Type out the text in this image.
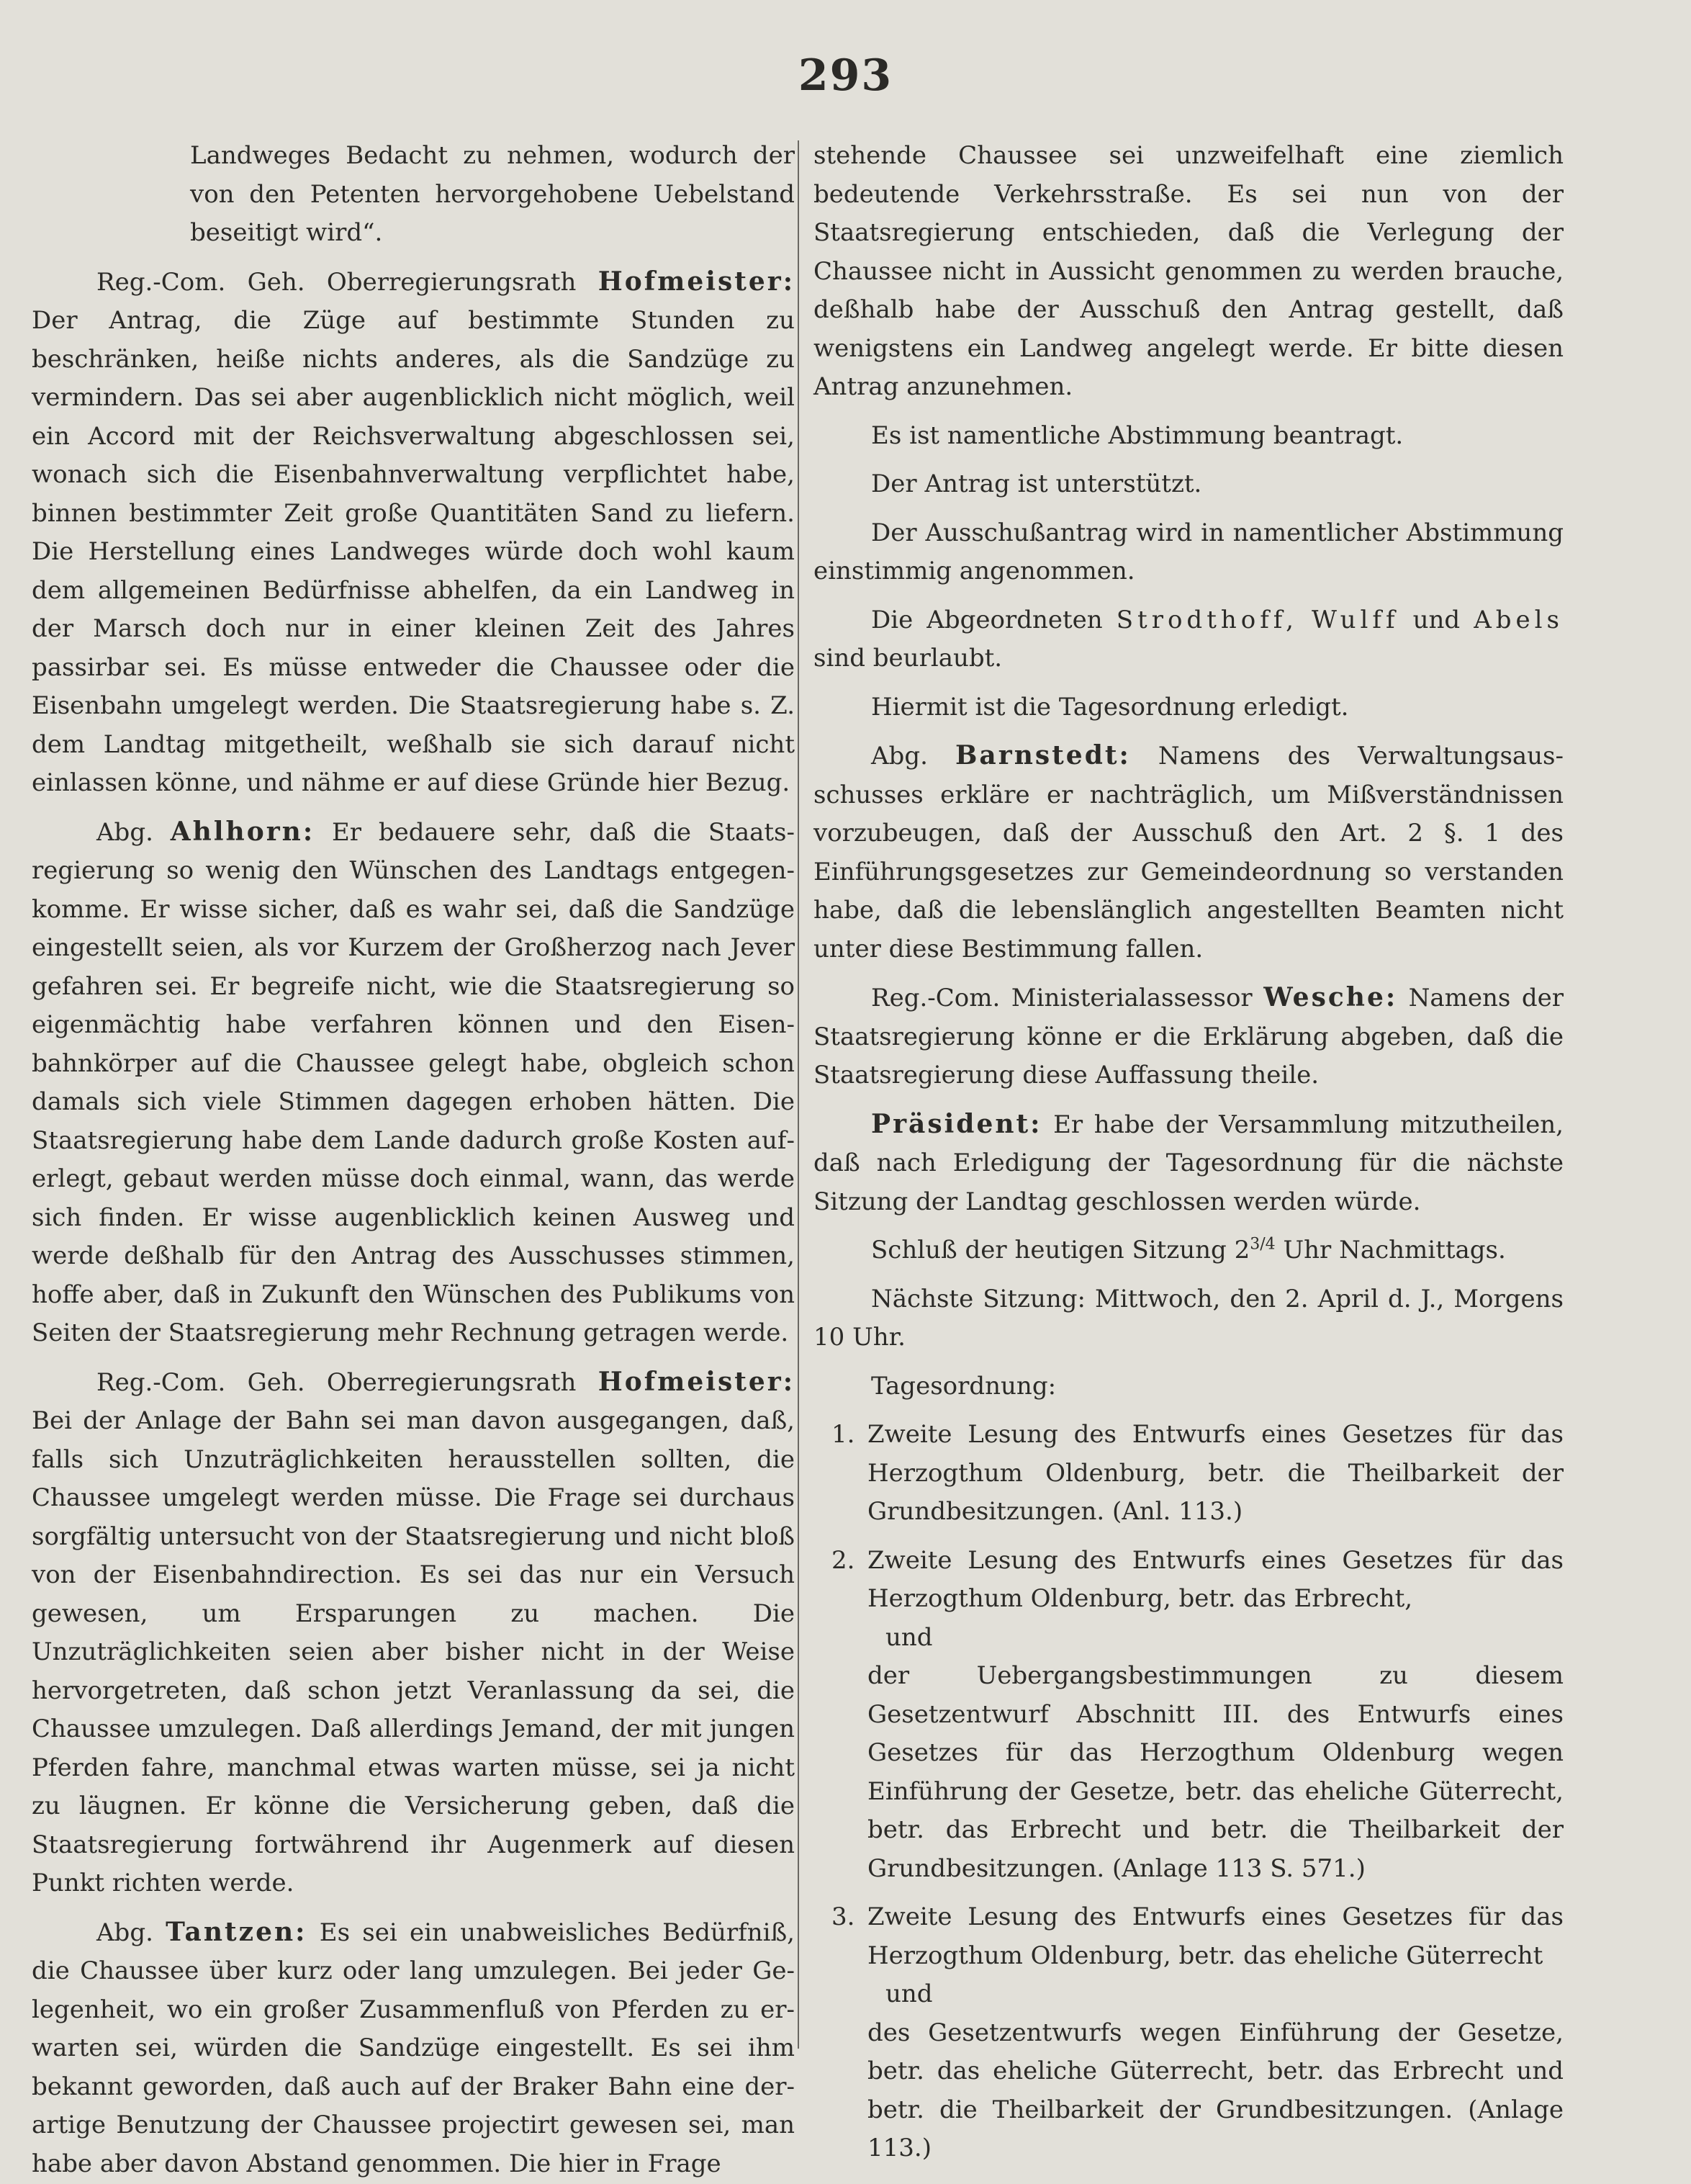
293

Landweges Bedacht zu nehmen, wodurch der von den Petenten hervorgehobene Uebelstand beseitigt wird“.

Reg.-Com. Geh. Oberregierungsrath Hofmeister: Der Antrag, die Züge auf bestimmte Stunden zu beschränken, heiße nichts anderes, als die Sandzüge zu vermindern. Das sei aber augenblicklich nicht möglich, weil ein Accord mit der Reichsverwaltung abgeschlossen sei, wonach sich die Eisenbahnverwaltung verpflichtet habe, binnen bestimmter Zeit große Quantitäten Sand zu liefern. Die Herstellung eines Landweges würde doch wohl kaum dem allgemeinen Bedürfnisse abhelfen, da ein Landweg in der Marsch doch nur in einer kleinen Zeit des Jahres passirbar sei. Es müsse entweder die Chaussee oder die Eisenbahn umgelegt werden. Die Staatsregierung habe s. Z. dem Landtag mitgetheilt, weßhalb sie sich darauf nicht einlassen könne, und nähme er auf diese Gründe hier Bezug.

Abg. Ahlhorn: Er bedauere sehr, daß die Staatsregierung so wenig den Wünschen des Landtags entgegenkomme. Er wisse sicher, daß es wahr sei, daß die Sandzüge eingestellt seien, als vor Kurzem der Großherzog nach Jever gefahren sei. Er begreife nicht, wie die Staatsregierung so eigenmächtig habe verfahren können und den Eisenbahnkörper auf die Chaussee gelegt habe, obgleich schon damals sich viele Stimmen dagegen erhoben hätten. Die Staatsregierung habe dem Lande dadurch große Kosten auferlegt, gebaut werden müsse doch einmal, wann, das werde sich finden. Er wisse augenblicklich keinen Ausweg und werde deßhalb für den Antrag des Ausschusses stimmen, hoffe aber, daß in Zukunft den Wünschen des Publikums von Seiten der Staatsregierung mehr Rechnung getragen werde.

Reg.-Com. Geh. Oberregierungsrath Hofmeister: Bei der Anlage der Bahn sei man davon ausgegangen, daß, falls sich Unzuträglichkeiten herausstellen sollten, die Chaussee umgelegt werden müsse. Die Frage sei durchaus sorgfältig untersucht von der Staatsregierung und nicht bloß von der Eisenbahndirection. Es sei das nur ein Versuch gewesen, um Ersparungen zu machen. Die Unzuträglichkeiten seien aber bisher nicht in der Weise hervorgetreten, daß schon jetzt Veranlassung da sei, die Chaussee umzulegen. Daß allerdings Jemand, der mit jungen Pferden fahre, manchmal etwas warten müsse, sei ja nicht zu läugnen. Er könne die Versicherung geben, daß die Staatsregierung fortwährend ihr Augenmerk auf diesen Punkt richten werde.

Abg. Tantzen: Es sei ein unabweisliches Bedürfniß, die Chaussee über kurz oder lang umzulegen. Bei jeder Gelegenheit, wo ein großer Zusammenfluß von Pferden zu erwarten sei, würden die Sandzüge eingestellt. Es sei ihm bekannt geworden, daß auch auf der Braker Bahn eine derartige Benutzung der Chaussee projectirt gewesen sei, man habe aber davon Abstand genommen. Die hier in Frage

stehende Chaussee sei unzweifelhaft eine ziemlich bedeutende Verkehrsstraße. Es sei nun von der Staatsregierung entschieden, daß die Verlegung der Chaussee nicht in Aussicht genommen zu werden brauche, deßhalb habe der Ausschuß den Antrag gestellt, daß wenigstens ein Landweg angelegt werde. Er bitte diesen Antrag anzunehmen.

Es ist namentliche Abstimmung beantragt.

Der Antrag ist unterstützt.

Der Ausschußantrag wird in namentlicher Abstimmung einstimmig angenommen.

Die Abgeordneten Strodthoff, Wulff und Abels sind beurlaubt.

Hiermit ist die Tagesordnung erledigt.

Abg. Barnstedt: Namens des Verwaltungsausschusses erkläre er nachträglich, um Mißverständnissen vorzubeugen, daß der Ausschuß den Art. 2 §. 1 des Einführungsgesetzes zur Gemeindeordnung so verstanden habe, daß die lebenslänglich angestellten Beamten nicht unter diese Bestimmung fallen.

Reg.-Com. Ministerialassessor Wesche: Namens der Staatsregierung könne er die Erklärung abgeben, daß die Staatsregierung diese Auffassung theile.

Präsident: Er habe der Versammlung mitzutheilen, daß nach Erledigung der Tagesordnung für die nächste Sitzung der Landtag geschlossen werden würde.

Schluß der heutigen Sitzung $2^{3/4}$ Uhr Nachmittags.

Nächste Sitzung: Mittwoch, den 2. April d. J., Morgens 10 Uhr.

Tagesordnung:

1. Zweite Lesung des Entwurfs eines Gesetzes für das Herzogthum Oldenburg, betr. die Theilbarkeit der Grundbesitzungen. (Anl. 113.)

2. Zweite Lesung des Entwurfs eines Gesetzes für das Herzogthum Oldenburg, betr. das Erbrecht,

und

der Uebergangsbestimmungen zu diesem Gesetzentwurf Abschnitt III. des Entwurfs eines Gesetzes für das Herzogthum Oldenburg wegen Einführung der Gesetze, betr. das eheliche Güterrecht, betr. das Erbrecht und betr. die Theilbarkeit der Grundbesitzungen. (Anlage 113 S. 571.)

3. Zweite Lesung des Entwurfs eines Gesetzes für das Herzogthum Oldenburg, betr. das eheliche Güterrecht

und

des Gesetzentwurfs wegen Einführung der Gesetze, betr. das eheliche Güterrecht, betr. das Erbrecht und betr. die Theilbarkeit der Grundbesitzungen. (Anlage 113.)
